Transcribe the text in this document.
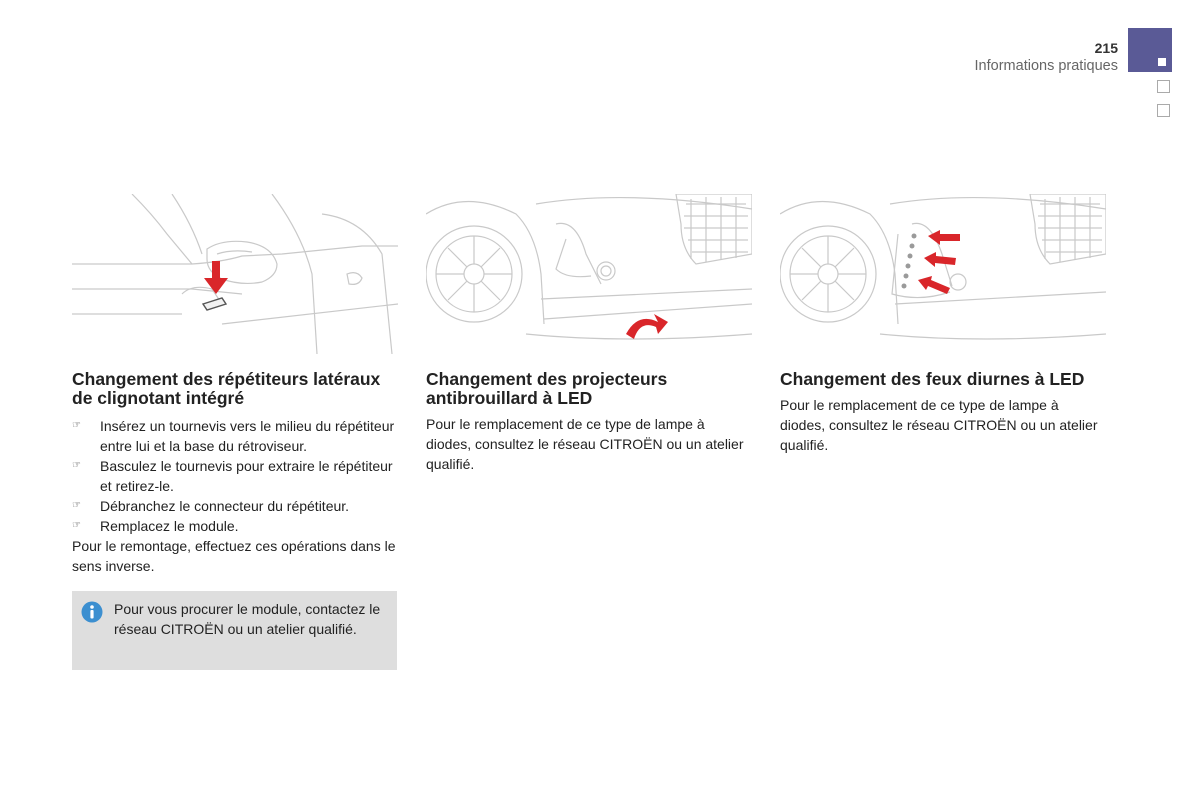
215
Informations pratiques
Changement des répétiteurs latéraux de clignotant intégré
☞ Insérez un tournevis vers le milieu du répétiteur entre lui et la base du rétroviseur.
☞ Basculez le tournevis pour extraire le répétiteur et retirez-le.
☞ Débranchez le connecteur du répétiteur.
☞ Remplacez le module.

Pour le remontage, effectuez ces opérations dans le sens inverse.

Pour vous procurer le module, contactez le réseau CITROËN ou un atelier qualifié.

Changement des projecteurs antibrouillard à LED

Pour le remplacement de ce type de lampe à diodes, consultez le réseau CITROËN ou un atelier qualifié.

Changement des feux diurnes à LED

Pour le remplacement de ce type de lampe à diodes, consultez le réseau CITROËN ou un atelier qualifié.
